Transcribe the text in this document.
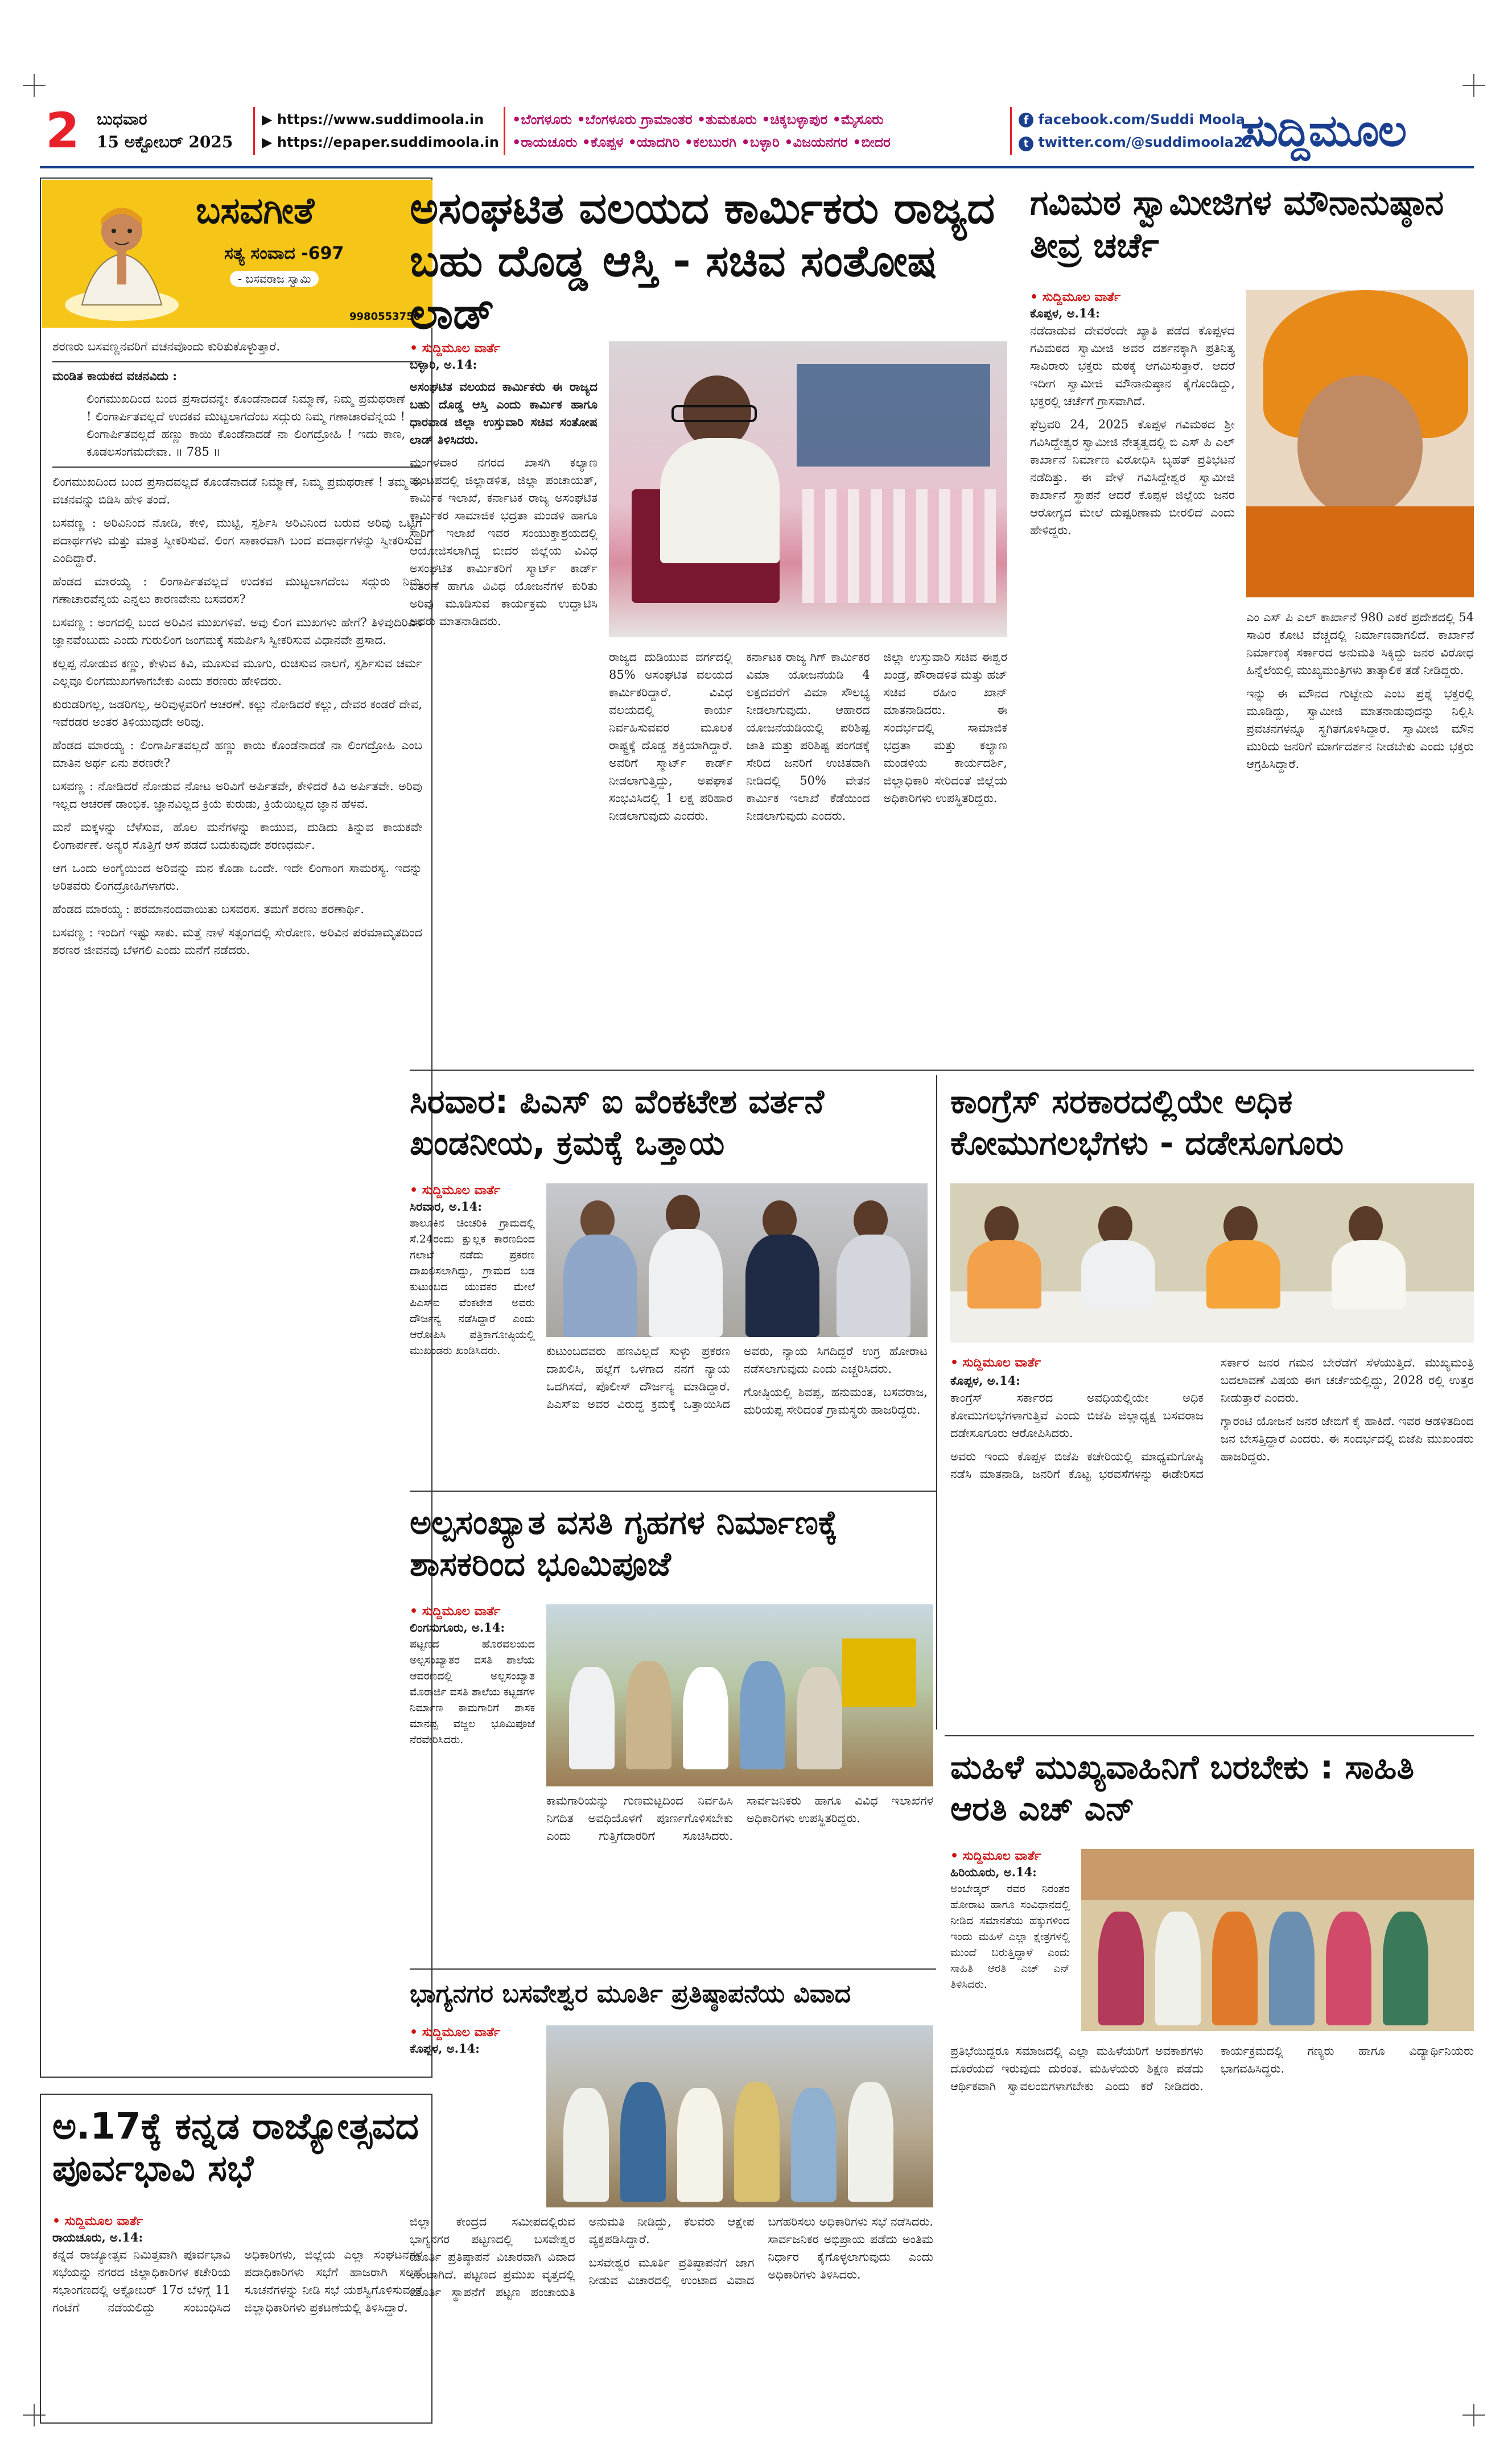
2 ಬುಧವಾರ
15 ಅಕ್ಟೋಬರ್ 2025
▶ https://www.suddimoola.in
▶ https://epaper.suddimoola.in
•ಬೆಂಗಳೂರು •ಬೆಂಗಳೂರು ಗ್ರಾಮಾಂತರ •ತುಮಕೂರು •ಚಿಕ್ಕಬಳ್ಳಾಪುರ •ಮೈಸೂರು
•ರಾಯಚೂರು •ಕೊಪ್ಪಳ •ಯಾದಗಿರಿ •ಕಲಬುರಗಿ •ಬಳ್ಳಾರಿ •ವಿಜಯನಗರ •ಬೀದರ
f facebook.com/Suddi Moola
t twitter.com/@suddimoola22
ಸುದ್ದಿಮೂಲ
ಬಸವಗೀತೆ
ಸತ್ಯ ಸಂವಾದ -697
- ಬಸವರಾಜ ಸ್ವಾಮಿ
9980553750

ಶರಣರು ಬಸವಣ್ಣನವರಿಗೆ ವಚನವೊಂದು ಕುರಿತುಕೊಳ್ಳುತ್ತಾರೆ.

ಮಂಡಿತ ಕಾಯಕದ ವಚನವಿದು :

ಲಿಂಗಮುಖದಿಂದ ಬಂದ ಪ್ರಸಾದವನ್ನೇ ಕೊಂಡೆನಾದಡೆ ನಿಮ್ಮಾಣೆ, ನಿಮ್ಮ ಪ್ರಮಥರಾಣೆ ! ಲಿಂಗಾರ್ಪಿತವಲ್ಲದೆ ಉದಕವ ಮುಟ್ಟಲಾಗದೆಂಬ ಸದ್ಗುರು ನಿಮ್ಮ ಗಣಾಚಾರವೆನ್ನಯ ! ಲಿಂಗಾರ್ಪಿತವಲ್ಲದೆ ಹಣ್ಣು ಕಾಯಿ ಕೊಂಡೆನಾದಡೆ ನಾ ಲಿಂಗದ್ರೋಹಿ ! ಇದು ಕಾಣ, ಕೂಡಲಸಂಗಮದೇವಾ. ॥ 785 ॥

ಲಿಂಗಮುಖದಿಂದ ಬಂದ ಪ್ರಸಾದವಲ್ಲದೆ ಕೊಂಡೆನಾದಡೆ ನಿಮ್ಮಾಣೆ, ನಿಮ್ಮ ಪ್ರಮಥರಾಣೆ ! ತಮ್ಮ ಈ ವಚನವನ್ನು ಬಿಡಿಸಿ ಹೇಳಿ ತಂದೆ.

ಬಸವಣ್ಣ : ಅರಿವಿನಿಂದ ನೋಡಿ, ಕೇಳಿ, ಮುಟ್ಟಿ, ಸ್ಪರ್ಶಿಸಿ ಅರಿವಿನಿಂದ ಬರುವ ಅರಿವು ಒಟ್ಟಿಗೆ ಪದಾರ್ಥಗಳು ಮತ್ತು ಮಾತ್ರ ಸ್ವೀಕರಿಸುವೆ. ಲಿಂಗ ಸಾಕಾರವಾಗಿ ಬಂದ ಪದಾರ್ಥಗಳನ್ನು ಸ್ವೀಕರಿಸುವೆ ಎಂದಿದ್ದಾರೆ.

ಹೆಂಡದ ಮಾರಯ್ಯ : ಲಿಂಗಾರ್ಪಿತವಲ್ಲದೆ ಉದಕವ ಮುಟ್ಟಲಾಗದೆಂಬ ಸದ್ಗುರು ನಿಮ್ಮ ಗಣಾಚಾರವೆನ್ನಯ ಎನ್ನಲು ಕಾರಣವೇನು ಬಸವರಸ?

ಬಸವಣ್ಣ : ಅಂಗದಲ್ಲಿ ಬಂದ ಅರಿವಿನ ಮುಖಗಳಿವೆ. ಅವು ಲಿಂಗ ಮುಖಗಳು ಹೇಗೆ? ತಿಳಿವುದಿರಿವಿನ ಜ್ಞಾನವೆಂಬುದು ಎಂದು ಗುರುಲಿಂಗ ಜಂಗಮಕ್ಕೆ ಸಮರ್ಪಿಸಿ ಸ್ವೀಕರಿಸುವ ವಿಧಾನವೇ ಪ್ರಸಾದ.

ಕಲ್ಲಪ್ಪ ನೋಡುವ ಕಣ್ಣು, ಕೇಳುವ ಕಿವಿ, ಮೂಸುವ ಮೂಗು, ರುಚಿಸುವ ನಾಲಗೆ, ಸ್ಪರ್ಶಿಸುವ ಚರ್ಮ ಎಲ್ಲವೂ ಲಿಂಗಮುಖಗಳಾಗಬೇಕು ಎಂದು ಶರಣರು ಹೇಳಿದರು.

ಕುರುಡರಿಗಲ್ಲ, ಜಡರಿಗಲ್ಲ, ಅರಿವುಳ್ಳವರಿಗೆ ಆಚರಣೆ. ಕಲ್ಲು ನೋಡಿದರೆ ಕಲ್ಲು, ದೇವರ ಕಂಡರೆ ದೇವ, ಇವೆರಡರ ಅಂತರ ತಿಳಿಯುವುದೇ ಅರಿವು.

ಹೆಂಡದ ಮಾರಯ್ಯ : ಲಿಂಗಾರ್ಪಿತವಲ್ಲದೆ ಹಣ್ಣು ಕಾಯಿ ಕೊಂಡೆನಾದಡೆ ನಾ ಲಿಂಗದ್ರೋಹಿ ಎಂಬ ಮಾತಿನ ಅರ್ಥ ಏನು ಶರಣರೇ?

ಬಸವಣ್ಣ : ನೋಡಿದರೆ ನೋಡುವ ನೋಟ ಅರಿವಿಗೆ ಅರ್ಪಿತವೇ, ಕೇಳಿದರೆ ಕಿವಿ ಅರ್ಪಿತವೇ. ಅರಿವು ಇಲ್ಲದ ಆಚರಣೆ ಡಾಂಭಿಕ. ಜ್ಞಾನವಿಲ್ಲದ ಕ್ರಿಯೆ ಕುರುಡು, ಕ್ರಿಯೆಯಿಲ್ಲದ ಜ್ಞಾನ ಹೆಳವ.

ಮನೆ ಮಕ್ಕಳನ್ನು ಬೆಳೆಸುವ, ಹೊಲ ಮನೆಗಳನ್ನು ಕಾಯುವ, ದುಡಿದು ತಿನ್ನುವ ಕಾಯಕವೇ ಲಿಂಗಾರ್ಪಣೆ. ಅನ್ಯರ ಸೊತ್ತಿಗೆ ಆಸೆ ಪಡದೆ ಬದುಕುವುದೇ ಶರಣಧರ್ಮ.

ಆಗ ಒಂದು ಅಂಗೈಯಿಂದ ಅರಿವನ್ನು ಮನ ಕೊಡಾ ಒಂದೇ. ಇದೇ ಲಿಂಗಾಂಗ ಸಾಮರಸ್ಯ. ಇದನ್ನು ಅರಿತವರು ಲಿಂಗದ್ರೋಹಿಗಳಾಗರು.

ಹೆಂಡದ ಮಾರಯ್ಯ : ಪರಮಾನಂದವಾಯಿತು ಬಸವರಸ. ತಮಗೆ ಶರಣು ಶರಣಾರ್ಥಿ.

ಬಸವಣ್ಣ : ಇಂದಿಗೆ ಇಷ್ಟು ಸಾಕು. ಮತ್ತೆ ನಾಳೆ ಸತ್ಸಂಗದಲ್ಲಿ ಸೇರೋಣ. ಅರಿವಿನ ಪರಮಾಮೃತದಿಂದ ಶರಣರ ಜೀವನವು ಬೆಳಗಲಿ ಎಂದು ಮನೆಗೆ ನಡೆದರು.

ಅ.17ಕ್ಕೆ ಕನ್ನಡ ರಾಜ್ಯೋತ್ಸವದ ಪೂರ್ವಭಾವಿ ಸಭೆ
• ಸುದ್ದಿಮೂಲ ವಾರ್ತೆ
ರಾಯಚೂರು, ಅ.14:
ಕನ್ನಡ ರಾಜ್ಯೋತ್ಸವ ನಿಮಿತ್ತವಾಗಿ ಪೂರ್ವಭಾವಿ ಸಭೆಯನ್ನು ನಗರದ ಜಿಲ್ಲಾಧಿಕಾರಿಗಳ ಕಚೇರಿಯ ಸಭಾಂಗಣದಲ್ಲಿ ಅಕ್ಟೋಬರ್ 17ರ ಬೆಳಿಗ್ಗೆ 11 ಗಂಟೆಗೆ ನಡೆಯಲಿದ್ದು ಸಂಬಂಧಿಸಿದ ಅಧಿಕಾರಿಗಳು, ಜಿಲ್ಲೆಯ ಎಲ್ಲಾ ಸಂಘಟನೆಗಳ ಪದಾಧಿಕಾರಿಗಳು ಸಭೆಗೆ ಹಾಜರಾಗಿ ಸಲಹೆ ಸೂಚನೆಗಳನ್ನು ನೀಡಿ ಸಭೆ ಯಶಸ್ವಿಗೊಳಿಸುವಂತೆ ಜಿಲ್ಲಾಧಿಕಾರಿಗಳು ಪ್ರಕಟಣೆಯಲ್ಲಿ ತಿಳಿಸಿದ್ದಾರೆ.
ಅಸಂಘಟಿತ ವಲಯದ ಕಾರ್ಮಿಕರು ರಾಜ್ಯದ ಬಹು ದೊಡ್ಡ ಆಸ್ತಿ - ಸಚಿವ ಸಂತೋಷ ಲಾಡ್
• ಸುದ್ದಿಮೂಲ ವಾರ್ತೆ
ಬಳ್ಳಾರಿ, ಅ.14:
ಅಸಂಘಟಿತ ವಲಯದ ಕಾರ್ಮಿಕರು ಈ ರಾಜ್ಯದ ಬಹು ದೊಡ್ಡ ಆಸ್ತಿ ಎಂದು ಕಾರ್ಮಿಕ ಹಾಗೂ ಧಾರವಾಡ ಜಿಲ್ಲಾ ಉಸ್ತುವಾರಿ ಸಚಿವ ಸಂತೋಷ ಲಾಡ್ ತಿಳಿಸಿದರು.
ಮಂಗಳವಾರ ನಗರದ ಖಾಸಗಿ ಕಲ್ಯಾಣ ಮಂಟಪದಲ್ಲಿ ಜಿಲ್ಲಾಡಳಿತ, ಜಿಲ್ಲಾ ಪಂಚಾಯತ್, ಕಾರ್ಮಿಕ ಇಲಾಖೆ, ಕರ್ನಾಟಕ ರಾಜ್ಯ ಅಸಂಘಟಿತ ಕಾರ್ಮಿಕರ ಸಾಮಾಜಿಕ ಭದ್ರತಾ ಮಂಡಳಿ ಹಾಗೂ ಸಾರಿಗೆ ಇಲಾಖೆ ಇವರ ಸಂಯುಕ್ತಾಶ್ರಯದಲ್ಲಿ ಆಯೋಜಿಸಲಾಗಿದ್ದ ಬೀದರ ಜಿಲ್ಲೆಯ ವಿವಿಧ ಅಸಂಘಟಿತ ಕಾರ್ಮಿಕರಿಗೆ ಸ್ಮಾರ್ಟ್ ಕಾರ್ಡ್ ವಿತರಣೆ ಹಾಗೂ ವಿವಿಧ ಯೋಜನೆಗಳ ಕುರಿತು ಅರಿವು ಮೂಡಿಸುವ ಕಾರ್ಯಕ್ರಮ ಉದ್ಘಾಟಿಸಿ ಅವರು ಮಾತನಾಡಿದರು.

ರಾಜ್ಯದ ದುಡಿಯುವ ವರ್ಗದಲ್ಲಿ 85% ಅಸಂಘಟಿತ ವಲಯದ ಕಾರ್ಮಿಕರಿದ್ದಾರೆ. ವಿವಿಧ ವಲಯದಲ್ಲಿ ಕಾರ್ಯ ನಿರ್ವಹಿಸುವವರ ಮೂಲಕ ರಾಷ್ಟ್ರಕ್ಕೆ ದೊಡ್ಡ ಶಕ್ತಿಯಾಗಿದ್ದಾರೆ. ಅವರಿಗೆ ಸ್ಮಾರ್ಟ್ ಕಾರ್ಡ್ ನೀಡಲಾಗುತ್ತಿದ್ದು, ಅಪಘಾತ ಸಂಭವಿಸಿದಲ್ಲಿ 1 ಲಕ್ಷ ಪರಿಹಾರ ನೀಡಲಾಗುವುದು ಎಂದರು.

ಕರ್ನಾಟಕ ರಾಜ್ಯ ಗಿಗ್ ಕಾರ್ಮಿಕರ ವಿಮಾ ಯೋಜನೆಯಡಿ 4 ಲಕ್ಷದವರೆಗೆ ವಿಮಾ ಸೌಲಭ್ಯ ನೀಡಲಾಗುವುದು. ಆಹಾರದ ಯೋಜನೆಯಡಿಯಲ್ಲಿ ಪರಿಶಿಷ್ಟ ಜಾತಿ ಮತ್ತು ಪರಿಶಿಷ್ಟ ಪಂಗಡಕ್ಕೆ ಸೇರಿದ ಜನರಿಗೆ ಉಚಿತವಾಗಿ ನೀಡಿದಲ್ಲಿ 50% ವೇತನ ಕಾರ್ಮಿಕ ಇಲಾಖೆ ಕೆಡೆಯಿಂದ ನೀಡಲಾಗುವುದು ಎಂದರು.

ಜಿಲ್ಲಾ ಉಸ್ತುವಾರಿ ಸಚಿವ ಈಶ್ವರ ಖಂಡ್ರೆ, ಪೌರಾಡಳಿತ ಮತ್ತು ಹಜ್ ಸಚಿವ ರಹೀಂ ಖಾನ್ ಮಾತನಾಡಿದರು. ಈ ಸಂದರ್ಭದಲ್ಲಿ ಸಾಮಾಜಿಕ ಭದ್ರತಾ ಮತ್ತು ಕಲ್ಯಾಣ ಮಂಡಳಿಯ ಕಾರ್ಯದರ್ಶಿ, ಜಿಲ್ಲಾಧಿಕಾರಿ ಸೇರಿದಂತೆ ಜಿಲ್ಲೆಯ ಅಧಿಕಾರಿಗಳು ಉಪಸ್ಥಿತರಿದ್ದರು.

ಗವಿಮಠ ಸ್ವಾಮೀಜಿಗಳ ಮೌನಾನುಷ್ಠಾನ ತೀವ್ರ ಚರ್ಚೆ
• ಸುದ್ದಿಮೂಲ ವಾರ್ತೆ
ಕೊಪ್ಪಳ, ಅ.14:
ನಡೆದಾಡುವ ದೇವರೆಂದೇ ಖ್ಯಾತಿ ಪಡೆದ ಕೊಪ್ಪಳದ ಗವಿಮಠದ ಸ್ವಾಮೀಜಿ ಅವರ ದರ್ಶನಕ್ಕಾಗಿ ಪ್ರತಿನಿತ್ಯ ಸಾವಿರಾರು ಭಕ್ತರು ಮಠಕ್ಕೆ ಆಗಮಿಸುತ್ತಾರೆ. ಆದರೆ ಇದೀಗ ಸ್ವಾಮೀಜಿ ಮೌನಾನುಷ್ಠಾನ ಕೈಗೊಂಡಿದ್ದು, ಭಕ್ತರಲ್ಲಿ ಚರ್ಚೆಗೆ ಗ್ರಾಸವಾಗಿದೆ.
ಫೆಬ್ರವರಿ 24, 2025 ಕೊಪ್ಪಳ ಗವಿಮಠದ ಶ್ರೀ ಗವಿಸಿದ್ದೇಶ್ವರ ಸ್ವಾಮೀಜಿ ನೇತೃತ್ವದಲ್ಲಿ ಬಿ ಎಸ್ ಪಿ ಎಲ್ ಕಾರ್ಖಾನೆ ನಿರ್ಮಾಣ ವಿರೋಧಿಸಿ ಬೃಹತ್ ಪ್ರತಿಭಟನೆ ನಡೆದಿತ್ತು. ಈ ವೇಳೆ ಗವಿಸಿದ್ದೇಶ್ವರ ಸ್ವಾಮೀಜಿ ಕಾರ್ಖಾನೆ ಸ್ಥಾಪನೆ ಆದರೆ ಕೊಪ್ಪಳ ಜಿಲ್ಲೆಯ ಜನರ ಆರೋಗ್ಯದ ಮೇಲೆ ದುಷ್ಪರಿಣಾಮ ಬೀರಲಿದೆ ಎಂದು ಹೇಳಿದ್ದರು.

ಎಂ ಎಸ್ ಪಿ ಎಲ್ ಕಾರ್ಖಾನೆ 980 ಎಕರೆ ಪ್ರದೇಶದಲ್ಲಿ 54 ಸಾವಿರ ಕೋಟಿ ವೆಚ್ಚದಲ್ಲಿ ನಿರ್ಮಾಣವಾಗಲಿದೆ. ಕಾರ್ಖಾನೆ ನಿರ್ಮಾಣಕ್ಕೆ ಸರ್ಕಾರದ ಅನುಮತಿ ಸಿಕ್ಕಿದ್ದು ಜನರ ವಿರೋಧ ಹಿನ್ನೆಲೆಯಲ್ಲಿ ಮುಖ್ಯಮಂತ್ರಿಗಳು ತಾತ್ಕಾಲಿಕ ತಡೆ ನೀಡಿದ್ದರು.

ಇನ್ನು ಈ ಮೌನದ ಗುಟ್ಟೇನು ಎಂಬ ಪ್ರಶ್ನೆ ಭಕ್ತರಲ್ಲಿ ಮೂಡಿದ್ದು, ಸ್ವಾಮೀಜಿ ಮಾತನಾಡುವುದನ್ನು ನಿಲ್ಲಿಸಿ ಪ್ರವಚನಗಳನ್ನೂ ಸ್ಥಗಿತಗೊಳಿಸಿದ್ದಾರೆ. ಸ್ವಾಮೀಜಿ ಮೌನ ಮುರಿದು ಜನರಿಗೆ ಮಾರ್ಗದರ್ಶನ ನೀಡಬೇಕು ಎಂದು ಭಕ್ತರು ಆಗ್ರಹಿಸಿದ್ದಾರೆ.

ಸಿರವಾರ: ಪಿಎಸ್ ಐ ವೆಂಕಟೇಶ ವರ್ತನೆ ಖಂಡನೀಯ, ಕ್ರಮಕ್ಕೆ ಒತ್ತಾಯ
• ಸುದ್ದಿಮೂಲ ವಾರ್ತೆ
ಸಿರವಾರ, ಅ.14:
ತಾಲೂಕಿನ ಚಿಂಚರಿಕಿ ಗ್ರಾಮದಲ್ಲಿ ಸೆ.24ರಂದು ಕ್ಷುಲ್ಲಕ ಕಾರಣದಿಂದ ಗಲಾಟೆ ನಡೆದು ಪ್ರಕರಣ ದಾಖಲಿಸಲಾಗಿದ್ದು, ಗ್ರಾಮದ ಬಡ ಕುಟುಂಬದ ಯುವಕರ ಮೇಲೆ ಪಿಎಸ್ಐ ವೆಂಕಟೇಶ ಅವರು ದೌರ್ಜನ್ಯ ನಡೆಸಿದ್ದಾರೆ ಎಂದು ಆರೋಪಿಸಿ ಪತ್ರಿಕಾಗೋಷ್ಠಿಯಲ್ಲಿ ಮುಖಂಡರು ಖಂಡಿಸಿದರು.	ಕುಟುಂಬದವರು ಹಣವಿಲ್ಲದೆ ಸುಳ್ಳು ಪ್ರಕರಣ ದಾಖಲಿಸಿ, ಹಲ್ಲೆಗೆ ಒಳಗಾದ ನನಗೆ ನ್ಯಾಯ ಒದಗಿಸದೆ, ಪೊಲೀಸ್ ದೌರ್ಜನ್ಯ ಮಾಡಿದ್ದಾರೆ. ಪಿಎಸ್ಐ ಅವರ ವಿರುದ್ಧ ಕ್ರಮಕ್ಕೆ ಒತ್ತಾಯಿಸಿದ ಅವರು, ನ್ಯಾಯ ಸಿಗದಿದ್ದರೆ ಉಗ್ರ ಹೋರಾಟ ನಡೆಸಲಾಗುವುದು ಎಂದು ಎಚ್ಚರಿಸಿದರು.

ಗೋಷ್ಠಿಯಲ್ಲಿ ಶಿವಪ್ಪ, ಹನುಮಂತ, ಬಸವರಾಜ, ಮರಿಯಪ್ಪ ಸೇರಿದಂತೆ ಗ್ರಾಮಸ್ಥರು ಹಾಜರಿದ್ದರು.

ಕಾಂಗ್ರೆಸ್ ಸರಕಾರದಲ್ಲಿಯೇ ಅಧಿಕ ಕೋಮುಗಲಭೆಗಳು - ದಡೇಸೂಗೂರು
• ಸುದ್ದಿಮೂಲ ವಾರ್ತೆ
ಕೊಪ್ಪಳ, ಅ.14:

ಕಾಂಗ್ರೆಸ್ ಸರ್ಕಾರದ ಅವಧಿಯಲ್ಲಿಯೇ ಅಧಿಕ ಕೋಮುಗಲಭೆಗಳಾಗುತ್ತಿವೆ ಎಂದು ಬಿಜೆಪಿ ಜಿಲ್ಲಾಧ್ಯಕ್ಷ ಬಸವರಾಜ ದಡೇಸೂಗೂರು ಆರೋಪಿಸಿದರು.

ಅವರು ಇಂದು ಕೊಪ್ಪಳ ಬಿಜೆಪಿ ಕಚೇರಿಯಲ್ಲಿ ಮಾಧ್ಯಮಗೋಷ್ಠಿ ನಡೆಸಿ ಮಾತನಾಡಿ, ಜನರಿಗೆ ಕೊಟ್ಟ ಭರವಸೆಗಳನ್ನು ಈಡೇರಿಸದ ಸರ್ಕಾರ ಜನರ ಗಮನ ಬೇರೆಡೆಗೆ ಸೆಳೆಯುತ್ತಿದೆ. ಮುಖ್ಯಮಂತ್ರಿ ಬದಲಾವಣೆ ವಿಷಯ ಈಗ ಚರ್ಚೆಯಲ್ಲಿದ್ದು, 2028 ರಲ್ಲಿ ಉತ್ತರ ನೀಡುತ್ತಾರೆ ಎಂದರು.

ಗ್ಯಾರಂಟಿ ಯೋಜನೆ ಜನರ ಜೇಬಿಗೆ ಕೈ ಹಾಕಿದೆ. ಇವರ ಆಡಳಿತದಿಂದ ಜನ ಬೇಸತ್ತಿದ್ದಾರೆ ಎಂದರು. ಈ ಸಂದರ್ಭದಲ್ಲಿ ಬಿಜೆಪಿ ಮುಖಂಡರು ಹಾಜರಿದ್ದರು.

ಅಲ್ಪಸಂಖ್ಯಾತ ವಸತಿ ಗೃಹಗಳ ನಿರ್ಮಾಣಕ್ಕೆ ಶಾಸಕರಿಂದ ಭೂಮಿಪೂಜೆ
• ಸುದ್ದಿಮೂಲ ವಾರ್ತೆ
ಲಿಂಗಸುಗೂರು, ಅ.14:
ಪಟ್ಟಣದ ಹೊರವಲಯದ ಅಲ್ಪಸಂಖ್ಯಾತರ ವಸತಿ ಶಾಲೆಯ ಆವರಣದಲ್ಲಿ ಅಲ್ಪಸಂಖ್ಯಾತ ಮೊರಾರ್ಜಿ ವಸತಿ ಶಾಲೆಯ ಕಟ್ಟಡಗಳ ನಿರ್ಮಾಣ ಕಾಮಗಾರಿಗೆ ಶಾಸಕ ಮಾನಪ್ಪ ವಜ್ಜಲ ಭೂಮಿಪೂಜೆ ನೆರವೇರಿಸಿದರು.

ಕಾಮಗಾರಿಯನ್ನು ಗುಣಮಟ್ಟದಿಂದ ನಿರ್ವಹಿಸಿ ನಿಗದಿತ ಅವಧಿಯೊಳಗೆ ಪೂರ್ಣಗೊಳಿಸಬೇಕು ಎಂದು ಗುತ್ತಿಗೆದಾರರಿಗೆ ಸೂಚಿಸಿದರು. ಸಾರ್ವಜನಿಕರು ಹಾಗೂ ವಿವಿಧ ಇಲಾಖೆಗಳ ಅಧಿಕಾರಿಗಳು ಉಪಸ್ಥಿತರಿದ್ದರು.

ಮಹಿಳೆ ಮುಖ್ಯವಾಹಿನಿಗೆ ಬರಬೇಕು : ಸಾಹಿತಿ ಆರತಿ ಎಚ್ ಎನ್
• ಸುದ್ದಿಮೂಲ ವಾರ್ತೆ
ಹಿರಿಯೂರು, ಅ.14:
ಅಂಬೇಡ್ಕರ್ ರವರ ನಿರಂತರ ಹೋರಾಟ ಹಾಗೂ ಸಂವಿಧಾನದಲ್ಲಿ ನೀಡಿದ ಸಮಾನತೆಯ ಹಕ್ಕುಗಳಿಂದ ಇಂದು ಮಹಿಳೆ ಎಲ್ಲಾ ಕ್ಷೇತ್ರಗಳಲ್ಲಿ ಮುಂದೆ ಬರುತ್ತಿದ್ದಾಳೆ ಎಂದು ಸಾಹಿತಿ ಆರತಿ ಎಚ್ ಎನ್ ತಿಳಿಸಿದರು.

ಪ್ರತಿಭೆಯಿದ್ದರೂ ಸಮಾಜದಲ್ಲಿ ಎಲ್ಲಾ ಮಹಿಳೆಯರಿಗೆ ಅವಕಾಶಗಳು ದೊರೆಯದೆ ಇರುವುದು ದುರಂತ. ಮಹಿಳೆಯರು ಶಿಕ್ಷಣ ಪಡೆದು ಆರ್ಥಿಕವಾಗಿ ಸ್ವಾವಲಂಬಿಗಳಾಗಬೇಕು ಎಂದು ಕರೆ ನೀಡಿದರು. ಕಾರ್ಯಕ್ರಮದಲ್ಲಿ ಗಣ್ಯರು ಹಾಗೂ ವಿದ್ಯಾರ್ಥಿನಿಯರು ಭಾಗವಹಿಸಿದ್ದರು.

ಭಾಗ್ಯನಗರ ಬಸವೇಶ್ವರ ಮೂರ್ತಿ ಪ್ರತಿಷ್ಠಾಪನೆಯ ವಿವಾದ
• ಸುದ್ದಿಮೂಲ ವಾರ್ತೆ
ಕೊಪ್ಪಳ, ಅ.14:

ಜಿಲ್ಲಾ ಕೇಂದ್ರದ ಸಮೀಪದಲ್ಲಿರುವ ಭಾಗ್ಯನಗರ ಪಟ್ಟಣದಲ್ಲಿ ಬಸವೇಶ್ವರ ಮೂರ್ತಿ ಪ್ರತಿಷ್ಠಾಪನೆ ವಿಚಾರವಾಗಿ ವಿವಾದ ಉಂಟಾಗಿದೆ. ಪಟ್ಟಣದ ಪ್ರಮುಖ ವೃತ್ತದಲ್ಲಿ ಮೂರ್ತಿ ಸ್ಥಾಪನೆಗೆ ಪಟ್ಟಣ ಪಂಚಾಯತಿ ಅನುಮತಿ ನೀಡಿದ್ದು, ಕೆಲವರು ಆಕ್ಷೇಪ ವ್ಯಕ್ತಪಡಿಸಿದ್ದಾರೆ.

ಬಸವೇಶ್ವರ ಮೂರ್ತಿ ಪ್ರತಿಷ್ಠಾಪನೆಗೆ ಜಾಗ ನೀಡುವ ವಿಚಾರದಲ್ಲಿ ಉಂಟಾದ ವಿವಾದ ಬಗೆಹರಿಸಲು ಅಧಿಕಾರಿಗಳು ಸಭೆ ನಡೆಸಿದರು. ಸಾರ್ವಜನಿಕರ ಅಭಿಪ್ರಾಯ ಪಡೆದು ಅಂತಿಮ ನಿರ್ಧಾರ ಕೈಗೊಳ್ಳಲಾಗುವುದು ಎಂದು ಅಧಿಕಾರಿಗಳು ತಿಳಿಸಿದರು.
